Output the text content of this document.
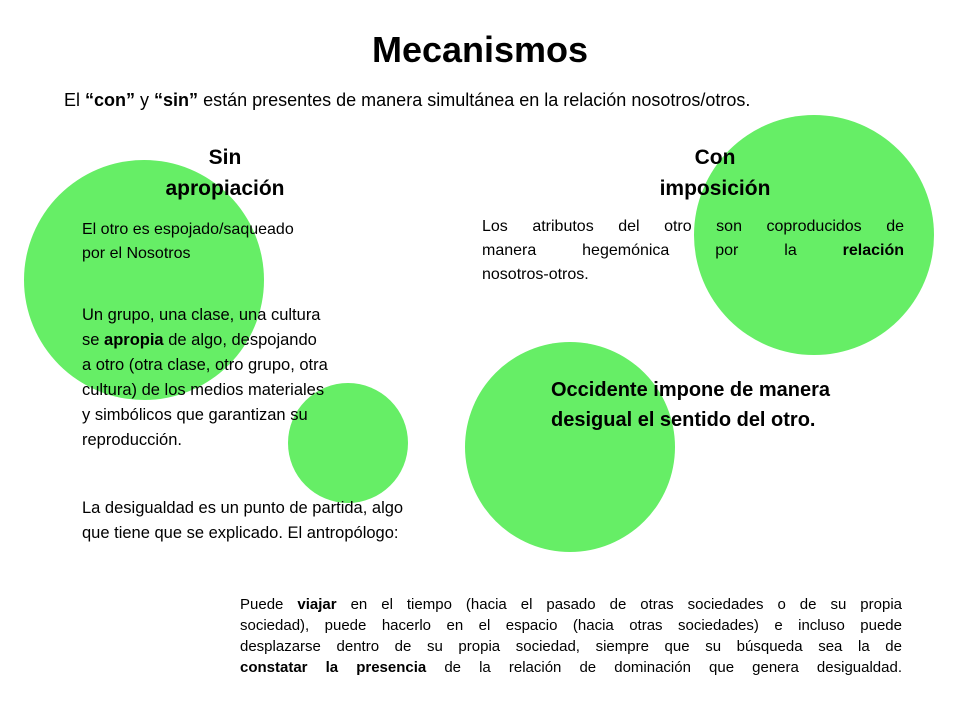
Mecanismos
El “con” y “sin” están presentes de manera simultánea en la relación nosotros/otros.
Sin
apropiación
Con
imposición
El otro es espojado/saqueado
por el Nosotros
Un grupo, una clase, una cultura
se apropia de algo, despojando
a otro (otra clase, otro grupo, otra
cultura) de los medios materiales
y simbólicos que garantizan su
reproducción.
La desigualdad es un punto de partida, algo
que tiene que se explicado. El antropólogo:
Los atributos del otro son coproducidos de
manera hegemónica por la relación
nosotros-otros.
Occidente impone de manera
desigual el sentido del otro.
Puede viajar en el tiempo (hacia el pasado de otras sociedades o de su propia
sociedad), puede hacerlo en el espacio (hacia otras sociedades) e incluso puede
desplazarse dentro de su propia sociedad, siempre que su búsqueda sea la de
constatar la presencia de la relación de dominación que genera desigualdad.
